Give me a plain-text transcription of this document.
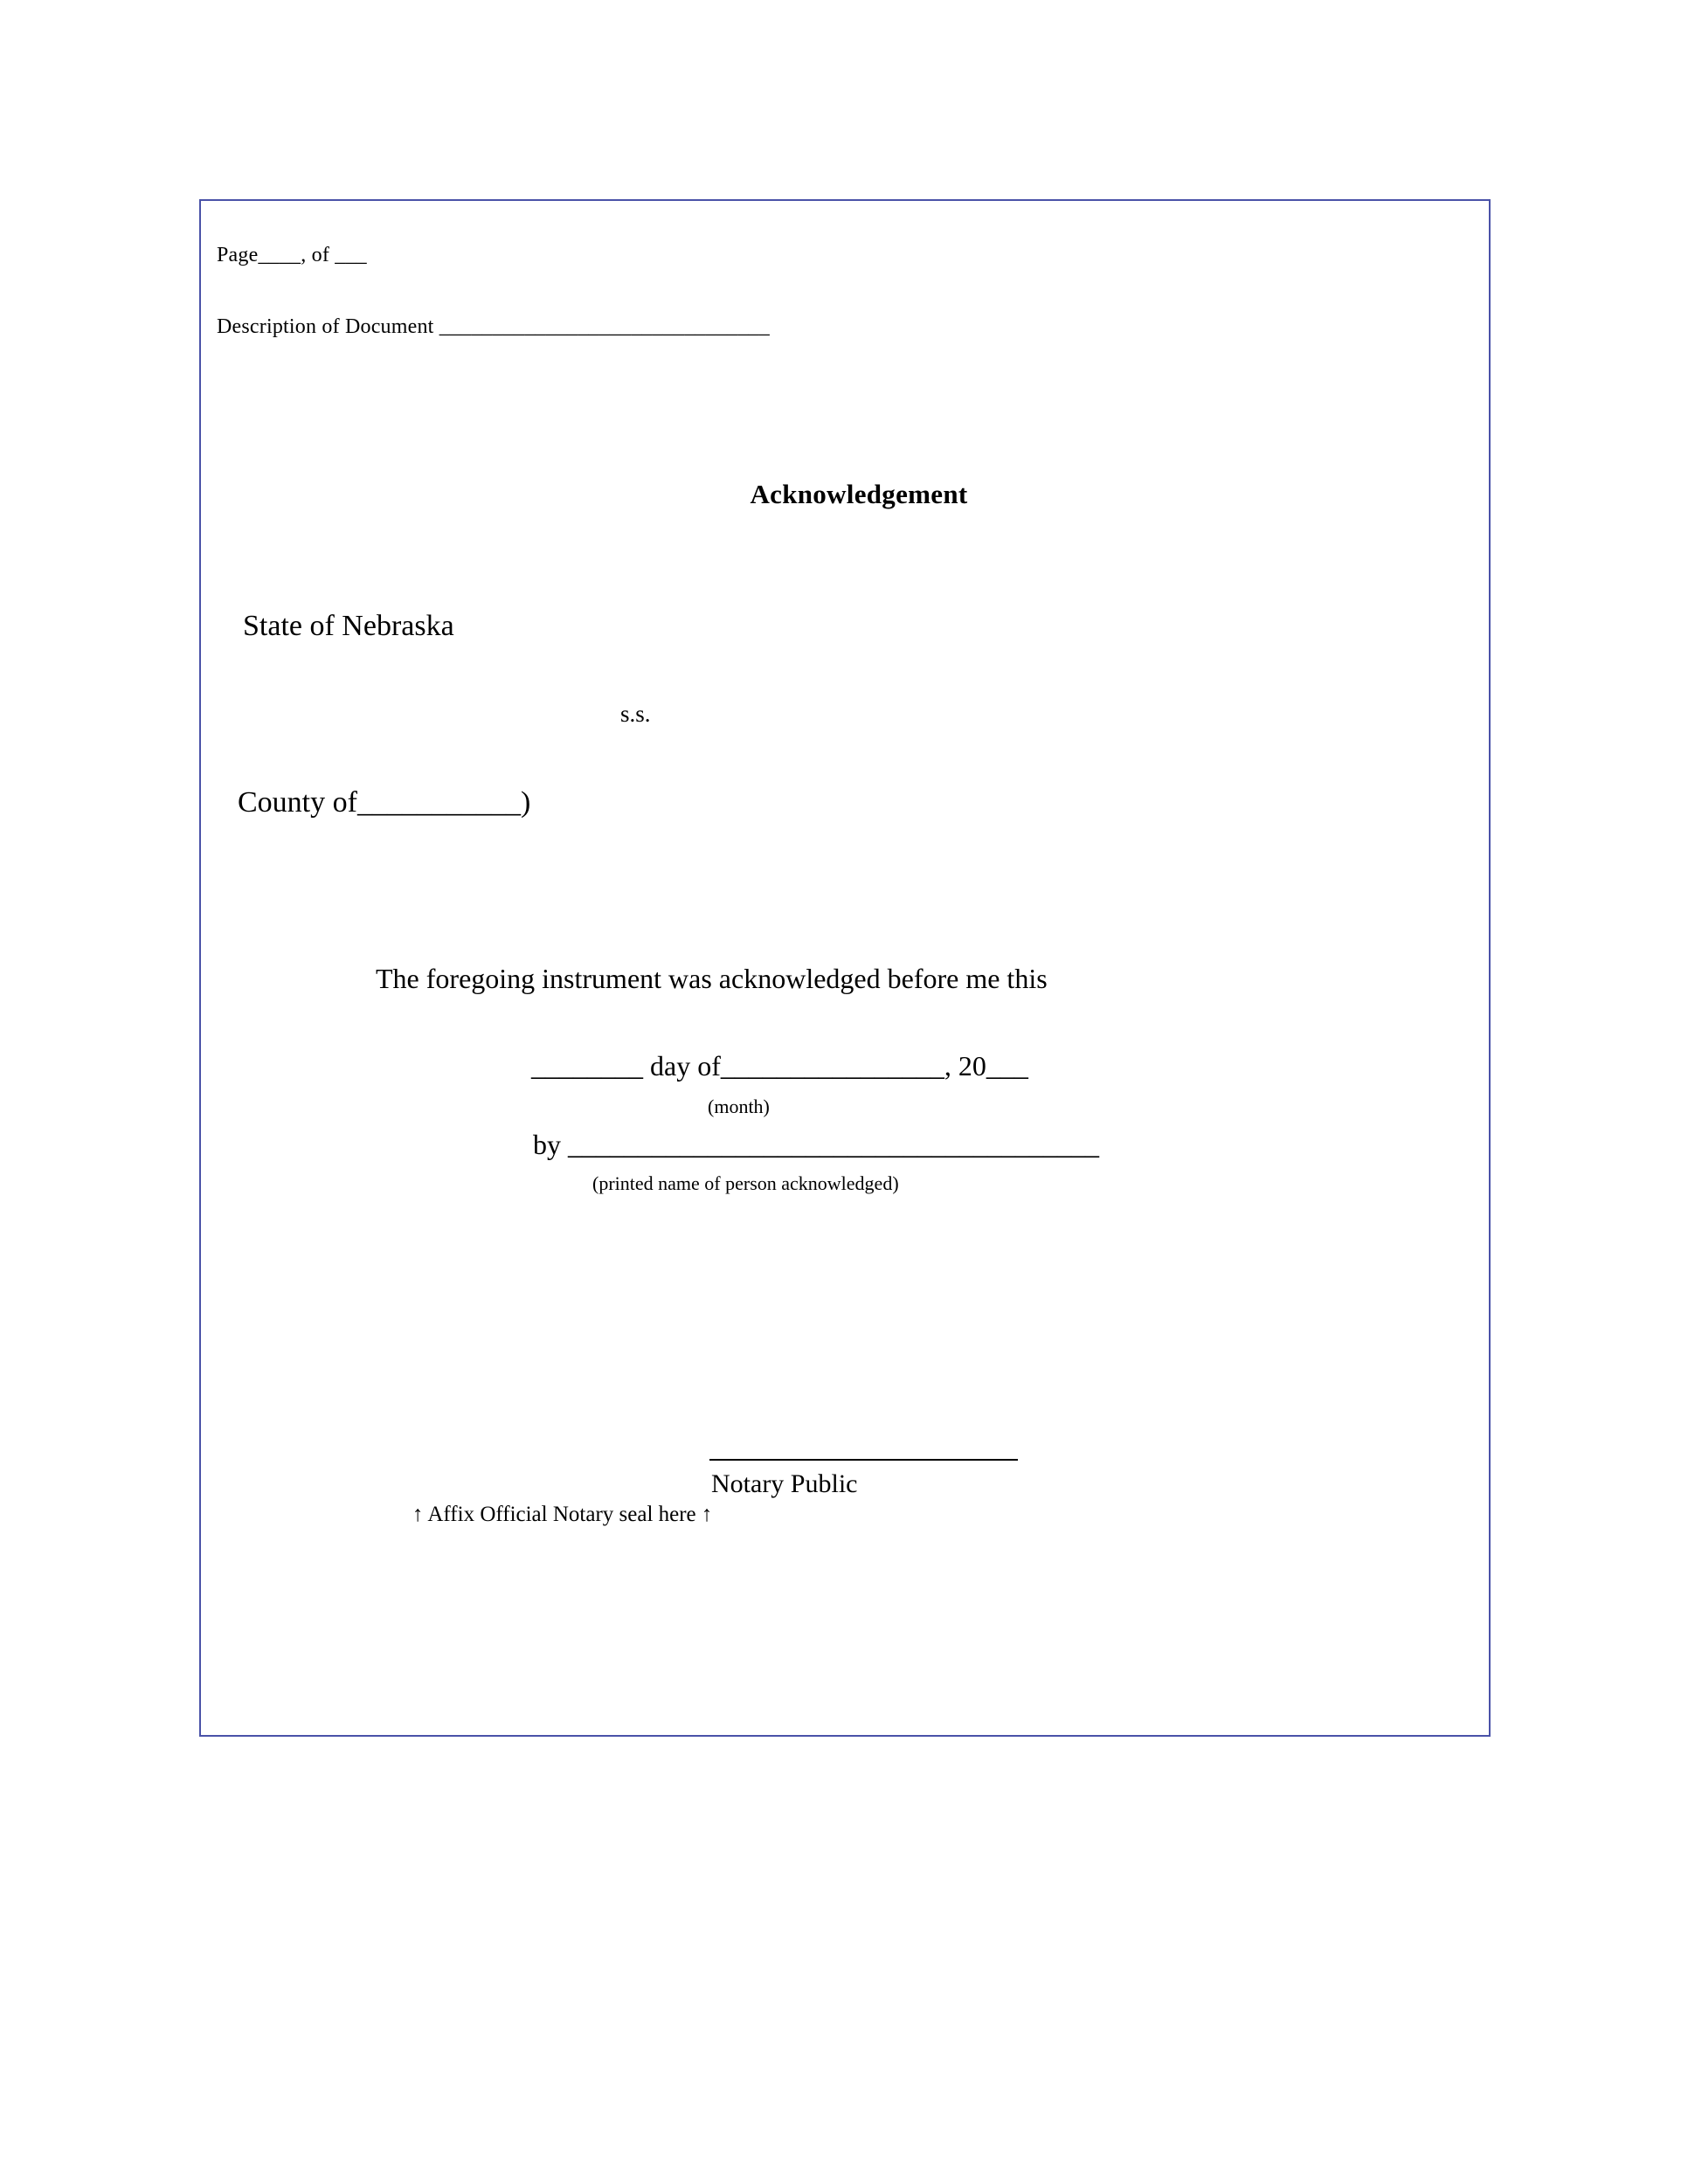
Page____, of ___
Description of Document _______________________________
Acknowledgement
State of Nebraska
s.s.
County of___________)
The foregoing instrument was acknowledged before me this
________ day of________________, 20___
(month)
by ______________________________________
(printed name of person acknowledged)
Notary Public
↑ Affix Official Notary seal here ↑
